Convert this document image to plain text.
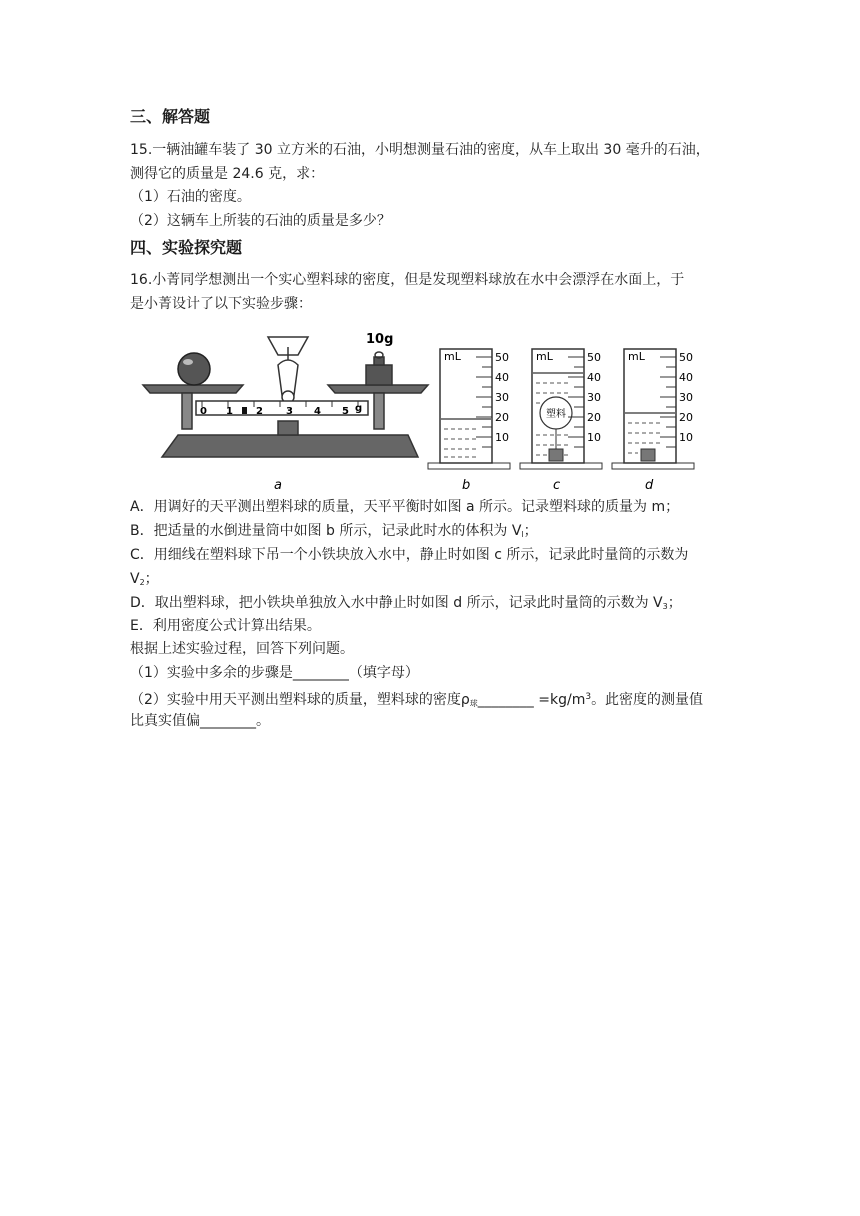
三、解答题
15.一辆油罐车装了 30 立方米的石油，小明想测量石油的密度，从车上取出 30 毫升的石油，
测得它的质量是 24.6 克，求：
（1）石油的密度。
（2）这辆车上所装的石油的质量是多少？
四、实验探究题
16.小菁同学想测出一个实心塑料球的密度，但是发现塑料球放在水中会漂浮在水面上，于
是小菁设计了以下实验步骤：
0 1 2 3 4 5 g
10g
mL	50
40
30
20
10
塑料
mL	50
40
30
20
10
mL	50
40
30
20
10
a	b	c	d
A．用调好的天平测出塑料球的质量，天平平衡时如图 a 所示。记录塑料球的质量为 m；
B．把适量的水倒进量筒中如图 b 所示，记录此时水的体积为 $V_l$；
C．用细线在塑料球下吊一个小铁块放入水中，静止时如图 c 所示，记录此时量筒的示数为
$V_2$；
D．取出塑料球，把小铁块单独放入水中静止时如图 d 所示，记录此时量筒的示数为 $V_3$；
E．利用密度公式计算出结果。
根据上述实验过程，回答下列问题。
（1）实验中多余的步骤是________（填字母）
（2）实验中用天平测出塑料球的质量，塑料球的密度$\rho_球\_\_\_\_\_\_\_\_ =kg/m^3$。此密度的测量值
比真实值偏________。
